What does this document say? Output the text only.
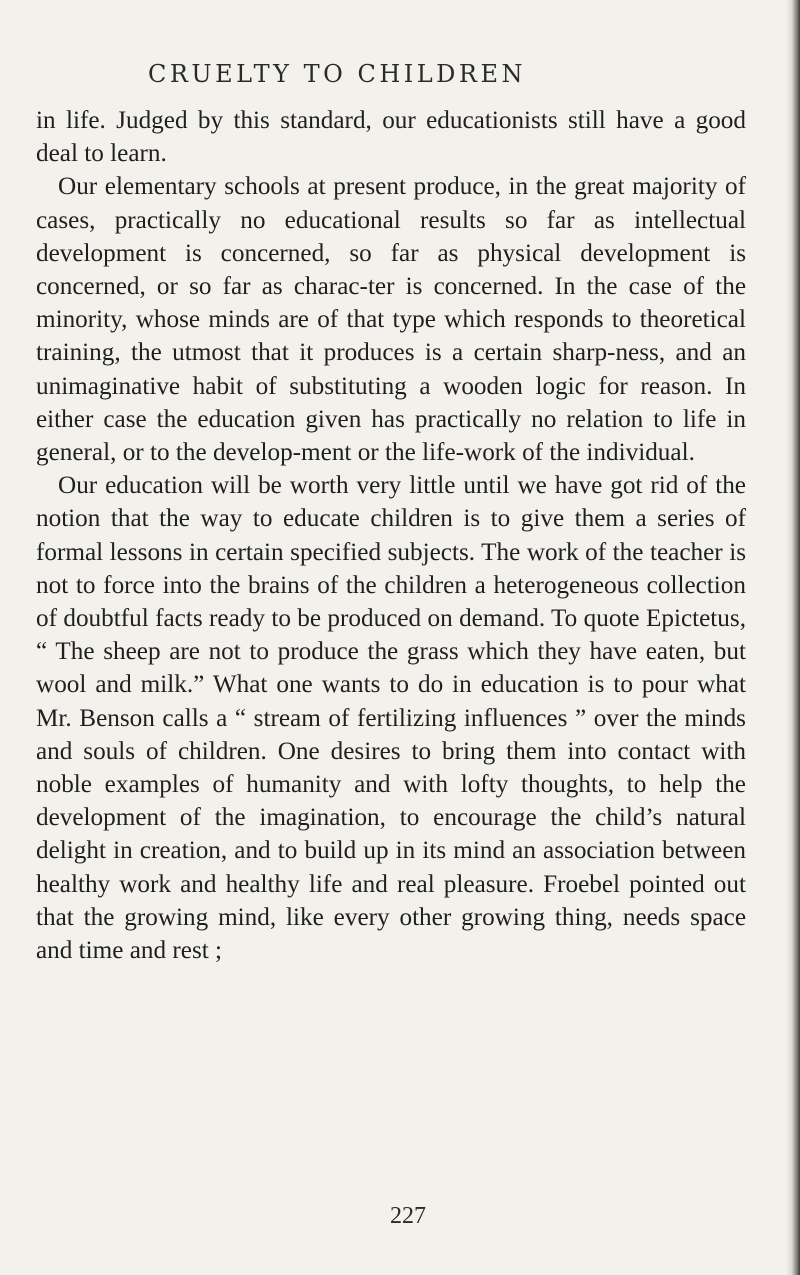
CRUELTY TO CHILDREN

in life. Judged by this standard, our educationists still have a good deal to learn.

Our elementary schools at present produce, in the great majority of cases, practically no educational results so far as intellectual development is concerned, so far as physical development is concerned, or so far as charac-ter is concerned. In the case of the minority, whose minds are of that type which responds to theoretical training, the utmost that it produces is a certain sharp-ness, and an unimaginative habit of substituting a wooden logic for reason. In either case the education given has practically no relation to life in general, or to the develop-ment or the life-work of the individual.

Our education will be worth very little until we have got rid of the notion that the way to educate children is to give them a series of formal lessons in certain specified subjects. The work of the teacher is not to force into the brains of the children a heterogeneous collection of doubtful facts ready to be produced on demand. To quote Epictetus, “ The sheep are not to produce the grass which they have eaten, but wool and milk.” What one wants to do in education is to pour what Mr. Benson calls a “ stream of fertilizing influences ” over the minds and souls of children. One desires to bring them into contact with noble examples of humanity and with lofty thoughts, to help the development of the imagination, to encourage the child’s natural delight in creation, and to build up in its mind an association between healthy work and healthy life and real pleasure. Froebel pointed out that the growing mind, like every other growing thing, needs space and time and rest ;

227
